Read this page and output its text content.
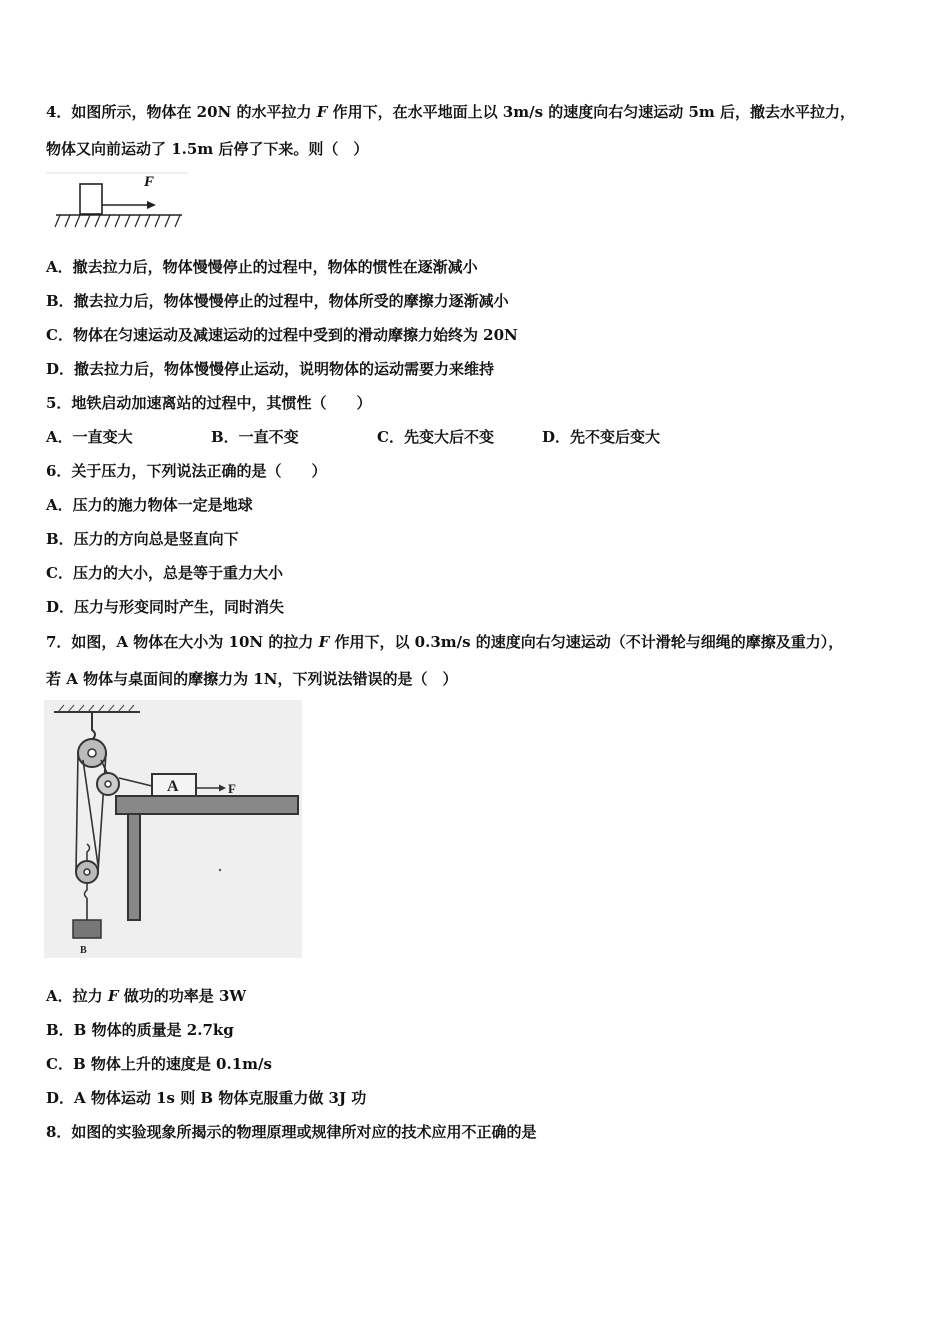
4．如图所示，物体在 20N 的水平拉力 F 作用下，在水平地面上以 3m/s 的速度向右匀速运动 5m 后，撤去水平拉力，
物体又向前运动了 1.5m 后停了下来。则（　）
F
A．撤去拉力后，物体慢慢停止的过程中，物体的惯性在逐渐减小
B．撤去拉力后，物体慢慢停止的过程中，物体所受的摩擦力逐渐减小
C．物体在匀速运动及减速运动的过程中受到的滑动摩擦力始终为 20N
D．撤去拉力后，物体慢慢停止运动，说明物体的运动需要力来维持
5．地铁启动加速离站的过程中，其惯性（　　）
A．一直变大	B．一直不变	C．先变大后不变	D．先不变后变大
6．关于压力，下列说法正确的是（　　）
A．压力的施力物体一定是地球
B．压力的方向总是竖直向下
C．压力的大小，总是等于重力大小
D．压力与形变同时产生，同时消失
7．如图，A 物体在大小为 10N 的拉力 F 作用下，以 0.3m/s 的速度向右匀速运动（不计滑轮与细绳的摩擦及重力），
若 A 物体与桌面间的摩擦力为 1N，下列说法错误的是（　）
A	F
B
A．拉力 F 做功的功率是 3W
B．B 物体的质量是 2.7kg
C．B 物体上升的速度是 0.1m/s
D．A 物体运动 1s 则 B 物体克服重力做 3J 功
8．如图的实验现象所揭示的物理原理或规律所对应的技术应用不正确的是
